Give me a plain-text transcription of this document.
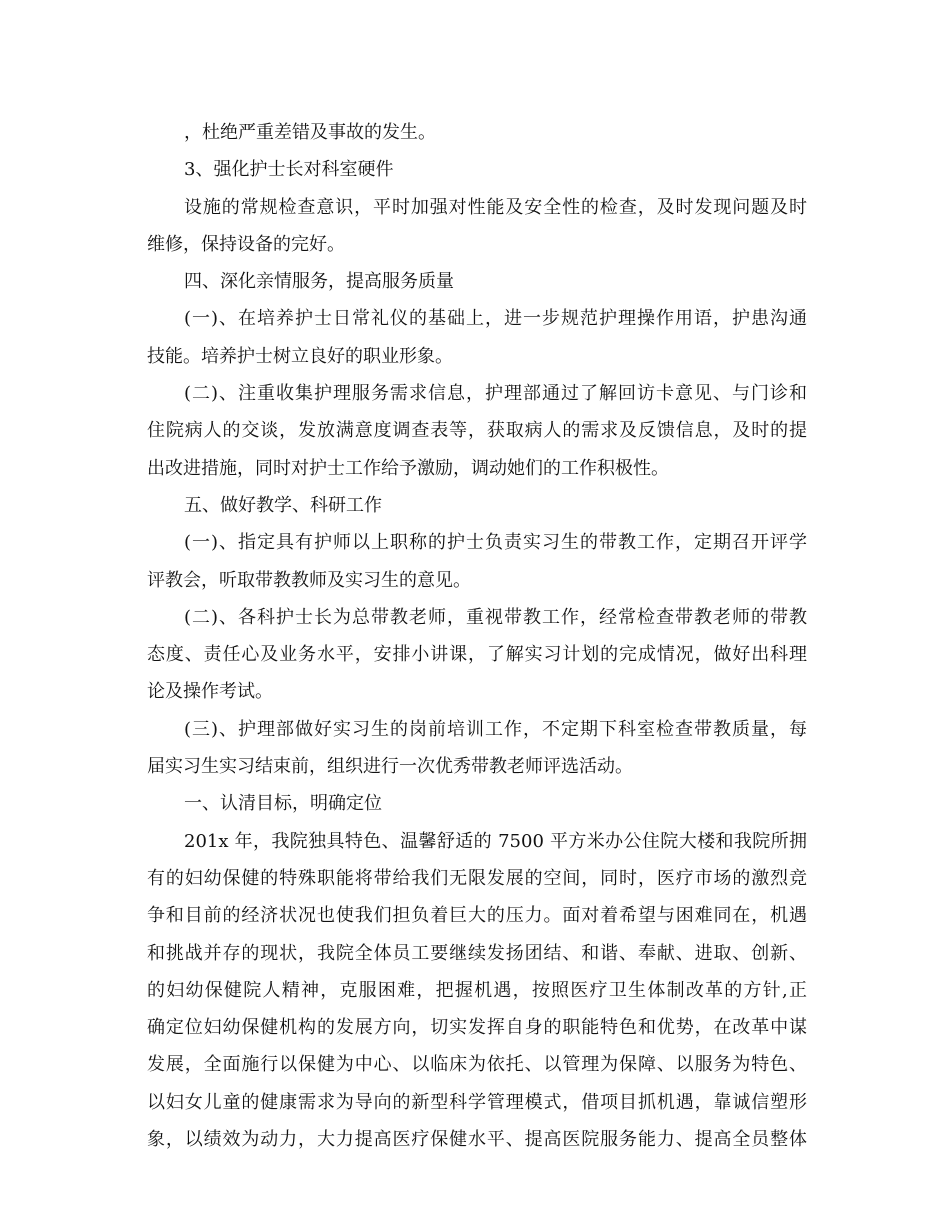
，杜绝严重差错及事故的发生。
3、强化护士长对科室硬件
设施的常规检查意识，平时加强对性能及安全性的检查，及时发现问题及时
维修，保持设备的完好。
四、深化亲情服务，提高服务质量
(一)、在培养护士日常礼仪的基础上，进一步规范护理操作用语，护患沟通
技能。培养护士树立良好的职业形象。
(二)、注重收集护理服务需求信息，护理部通过了解回访卡意见、与门诊和
住院病人的交谈，发放满意度调查表等，获取病人的需求及反馈信息，及时的提
出改进措施，同时对护士工作给予激励，调动她们的工作积极性。
五、做好教学、科研工作
(一)、指定具有护师以上职称的护士负责实习生的带教工作，定期召开评学
评教会，听取带教教师及实习生的意见。
(二)、各科护士长为总带教老师，重视带教工作，经常检查带教老师的带教
态度、责任心及业务水平，安排小讲课，了解实习计划的完成情况，做好出科理
论及操作考试。
(三)、护理部做好实习生的岗前培训工作，不定期下科室检查带教质量，每
届实习生实习结束前，组织进行一次优秀带教老师评选活动。
一、认清目标，明确定位
201x 年，我院独具特色、温馨舒适的 7500 平方米办公住院大楼和我院所拥
有的妇幼保健的特殊职能将带给我们无限发展的空间，同时，医疗市场的激烈竞
争和目前的经济状况也使我们担负着巨大的压力。面对着希望与困难同在，机遇
和挑战并存的现状，我院全体员工要继续发扬团结、和谐、奉献、进取、创新、
的妇幼保健院人精神，克服困难，把握机遇，按照医疗卫生体制改革的方针,正
确定位妇幼保健机构的发展方向，切实发挥自身的职能特色和优势，在改革中谋
发展，全面施行以保健为中心、以临床为依托、以管理为保障、以服务为特色、
以妇女儿童的健康需求为导向的新型科学管理模式，借项目抓机遇，靠诚信塑形
象，以绩效为动力，大力提高医疗保健水平、提高医院服务能力、提高全员整体
